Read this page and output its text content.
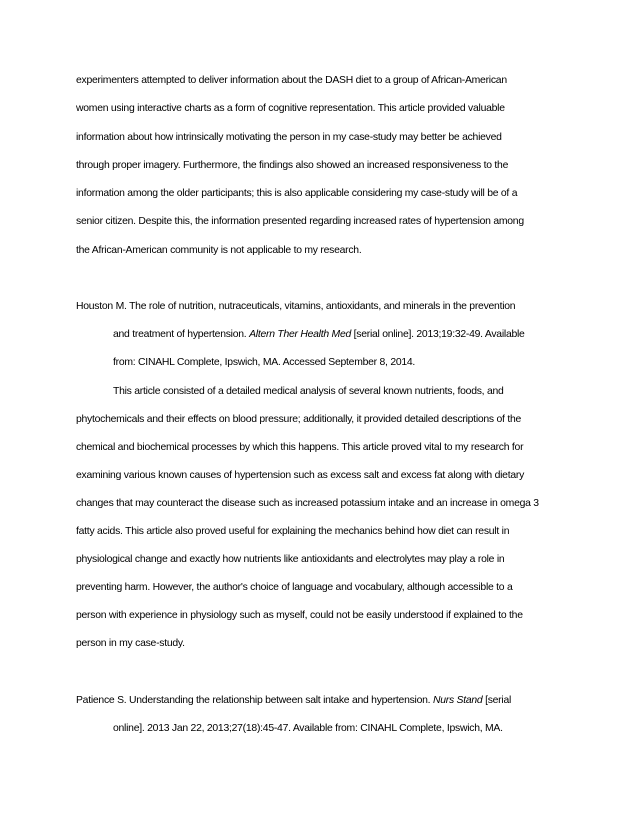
experimenters attempted to deliver information about the DASH diet to a group of African-American
women using interactive charts as a form of cognitive representation. This article provided valuable
information about how intrinsically motivating the person in my case-study may better be achieved
through proper imagery. Furthermore, the findings also showed an increased responsiveness to the
information among the older participants; this is also applicable considering my case-study will be of a
senior citizen. Despite this, the information presented regarding increased rates of hypertension among
the African-American community is not applicable to my research.
Houston M. The role of nutrition, nutraceuticals, vitamins, antioxidants, and minerals in the prevention
and treatment of hypertension. Altern Ther Health Med [serial online]. 2013;19:32-49. Available
from: CINAHL Complete, Ipswich, MA. Accessed September 8, 2014.
This article consisted of a detailed medical analysis of several known nutrients, foods, and
phytochemicals and their effects on blood pressure; additionally, it provided detailed descriptions of the
chemical and biochemical processes by which this happens. This article proved vital to my research for
examining various known causes of hypertension such as excess salt and excess fat along with dietary
changes that may counteract the disease such as increased potassium intake and an increase in omega 3
fatty acids. This article also proved useful for explaining the mechanics behind how diet can result in
physiological change and exactly how nutrients like antioxidants and electrolytes may play a role in
preventing harm. However, the author's choice of language and vocabulary, although accessible to a
person with experience in physiology such as myself, could not be easily understood if explained to the
person in my case-study.
Patience S. Understanding the relationship between salt intake and hypertension. Nurs Stand [serial
online]. 2013 Jan 22, 2013;27(18):45-47. Available from: CINAHL Complete, Ipswich, MA.
